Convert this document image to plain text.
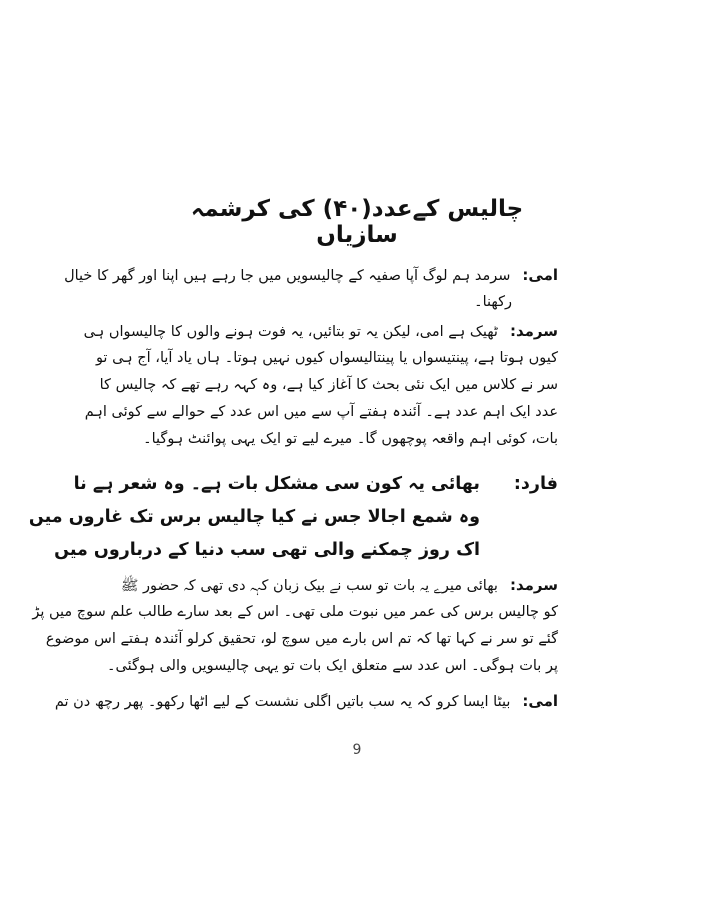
چالیس کےعدد(۴۰) کی کرشمہ سازیاں
امی:سرمد ہم لوگ آپا صفیہ کے چالیسویں میں جا رہے ہیں اپنا اور گھر کا خیال
رکھنا۔
سرمد:ٹھیک ہے امی، لیکن یہ تو بتائیں، یہ فوت ہونے والوں کا چالیسواں ہی
کیوں ہوتا ہے، پینتیسواں یا پینتالیسواں کیوں نہیں ہوتا۔ ہاں یاد آیا، آج ہی تو
سر نے کلاس میں ایک نئی بحث کا آغاز کیا ہے، وہ کہہ رہے تھے کہ چالیس کا
عدد ایک اہم عدد ہے۔ آئندہ ہفتے آپ سے میں اس عدد کے حوالے سے کوئی اہم
بات، کوئی اہم واقعہ پوچھوں گا۔ میرے لیے تو ایک یہی پوائنٹ ہوگیا۔
فارد:بھائی یہ کون سی مشکل بات ہے۔ وہ شعر ہے نا
وہ شمع اجالا جس نے کیا چالیس برس تک غاروں میں
اک روز چمکنے والی تھی سب دنیا کے درباروں میں
سرمد:بھائی میرے یہ بات تو سب نے بیک زبان کہہ دی تھی کہ حضور ﷺ
کو چالیس برس کی عمر میں نبوت ملی تھی۔ اس کے بعد سارے طالب علم سوچ میں پڑ
گئے تو سر نے کہا تھا کہ تم اس بارے میں سوچ لو، تحقیق کرلو آئندہ ہفتے اس موضوع
پر بات ہوگی۔ اس عدد سے متعلق ایک بات تو یہی چالیسویں والی ہوگئی۔
امی:بیٹا ایسا کرو کہ یہ سب باتیں اگلی نشست کے لیے اٹھا رکھو۔ پھر رچھ دن تم
9
